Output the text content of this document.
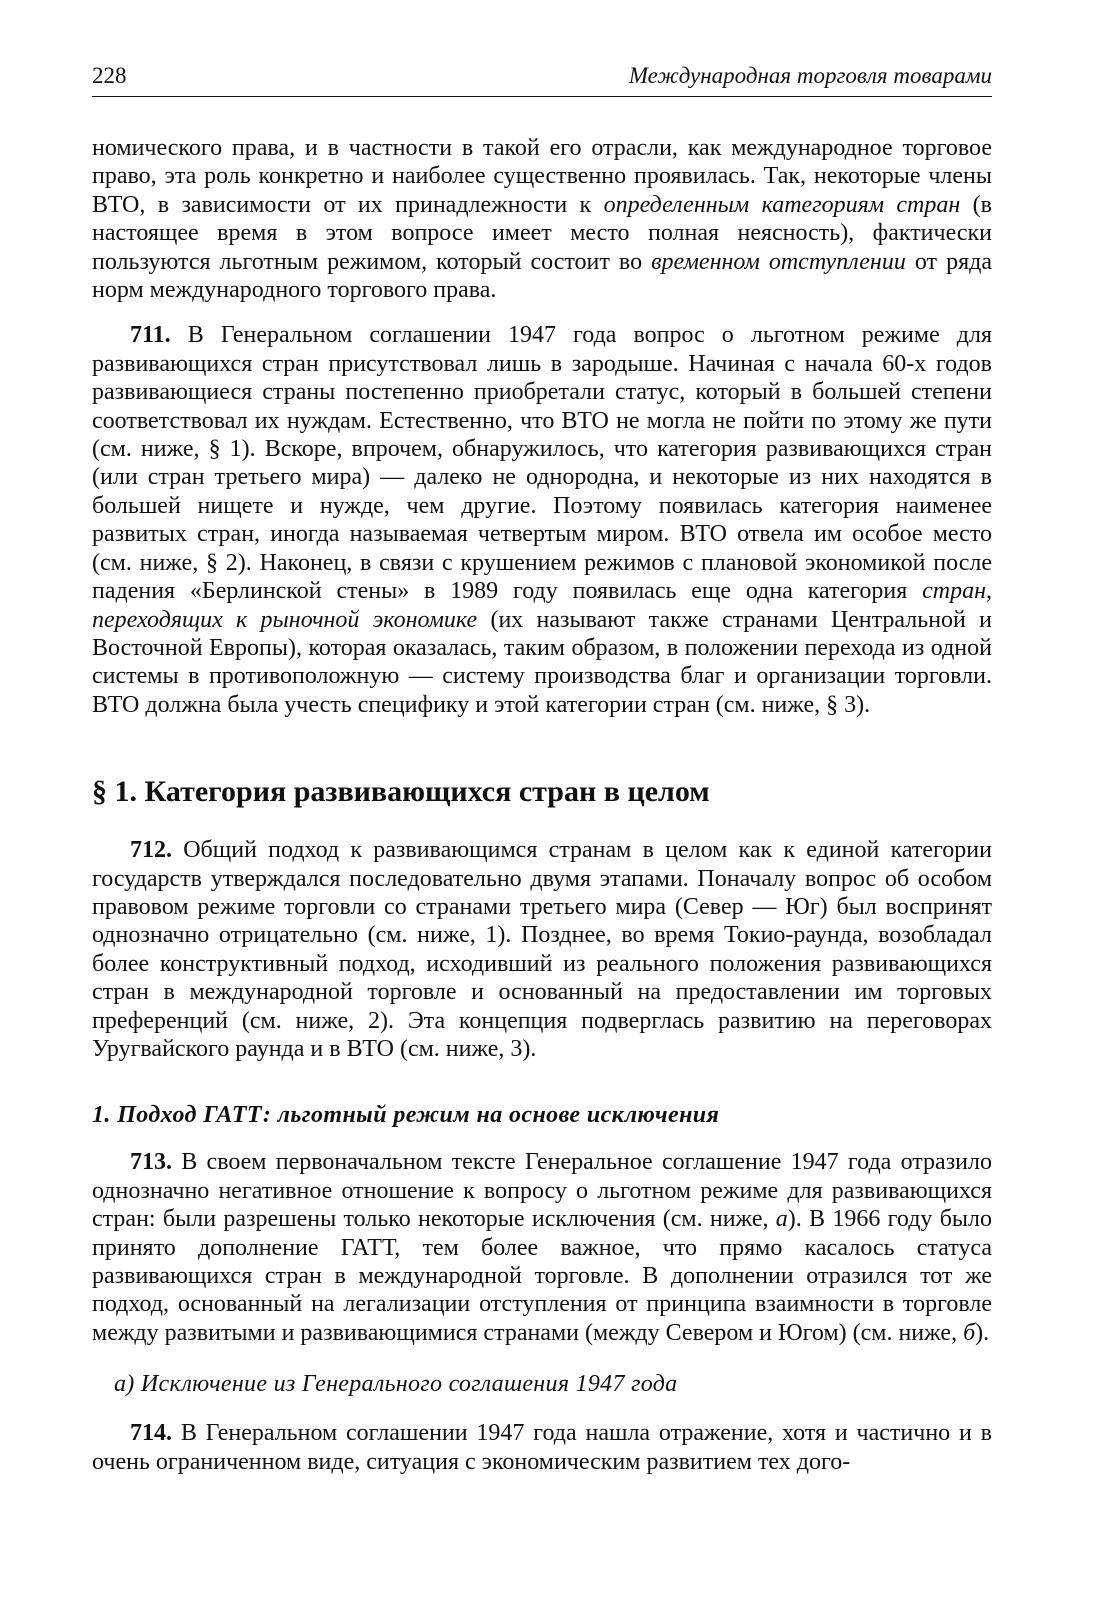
228	Международная торговля товарами

номического права, и в частности в такой его отрасли, как международное торговое право, эта роль конкретно и наиболее существенно проявилась. Так, некоторые члены ВТО, в зависимости от их принадлежности к определенным категориям стран (в настоящее время в этом вопросе имеет место полная неясность), фактически пользуются льготным режимом, который состоит во временном отступлении от ряда норм международного торгового права.

711. В Генеральном соглашении 1947 года вопрос о льготном режиме для развивающихся стран присутствовал лишь в зародыше. Начиная с начала 60-х годов развивающиеся страны постепенно приобретали статус, который в большей степени соответствовал их нуждам. Естественно, что ВТО не могла не пойти по этому же пути (см. ниже, § 1). Вскоре, впрочем, обнаружилось, что категория развивающихся стран (или стран третьего мира) — далеко не однородна, и некоторые из них находятся в большей нищете и нужде, чем другие. Поэтому появилась категория наименее развитых стран, иногда называемая четвертым миром. ВТО отвела им особое место (см. ниже, § 2). Наконец, в связи с крушением режимов с плановой экономикой после падения «Берлинской стены» в 1989 году появилась еще одна категория стран, переходящих к рыночной экономике (их называют также странами Центральной и Восточной Европы), которая оказалась, таким образом, в положении перехода из одной системы в противоположную — систему производства благ и организации торговли. ВТО должна была учесть специфику и этой категории стран (см. ниже, § 3).

§ 1. Категория развивающихся стран в целом

712. Общий подход к развивающимся странам в целом как к единой категории государств утверждался последовательно двумя этапами. Поначалу вопрос об особом правовом режиме торговли со странами третьего мира (Север — Юг) был воспринят однозначно отрицательно (см. ниже, 1). Позднее, во время Токио-раунда, возобладал более конструктивный подход, исходивший из реального положения развивающихся стран в международной торговле и основанный на предоставлении им торговых преференций (см. ниже, 2). Эта концепция подверглась развитию на переговорах Уругвайского раунда и в ВТО (см. ниже, 3).

1. Подход ГАТТ: льготный режим на основе исключения

713. В своем первоначальном тексте Генеральное соглашение 1947 года отразило однозначно негативное отношение к вопросу о льготном режиме для развивающихся стран: были разрешены только некоторые исключения (см. ниже, а). В 1966 году было принято дополнение ГАТТ, тем более важное, что прямо касалось статуса развивающихся стран в международной торговле. В дополнении отразился тот же подход, основанный на легализации отступления от принципа взаимности в торговле между развитыми и развивающимися странами (между Севером и Югом) (см. ниже, б).

а) Исключение из Генерального соглашения 1947 года

714. В Генеральном соглашении 1947 года нашла отражение, хотя и частично и в очень ограниченном виде, ситуация с экономическим развитием тех дого-
